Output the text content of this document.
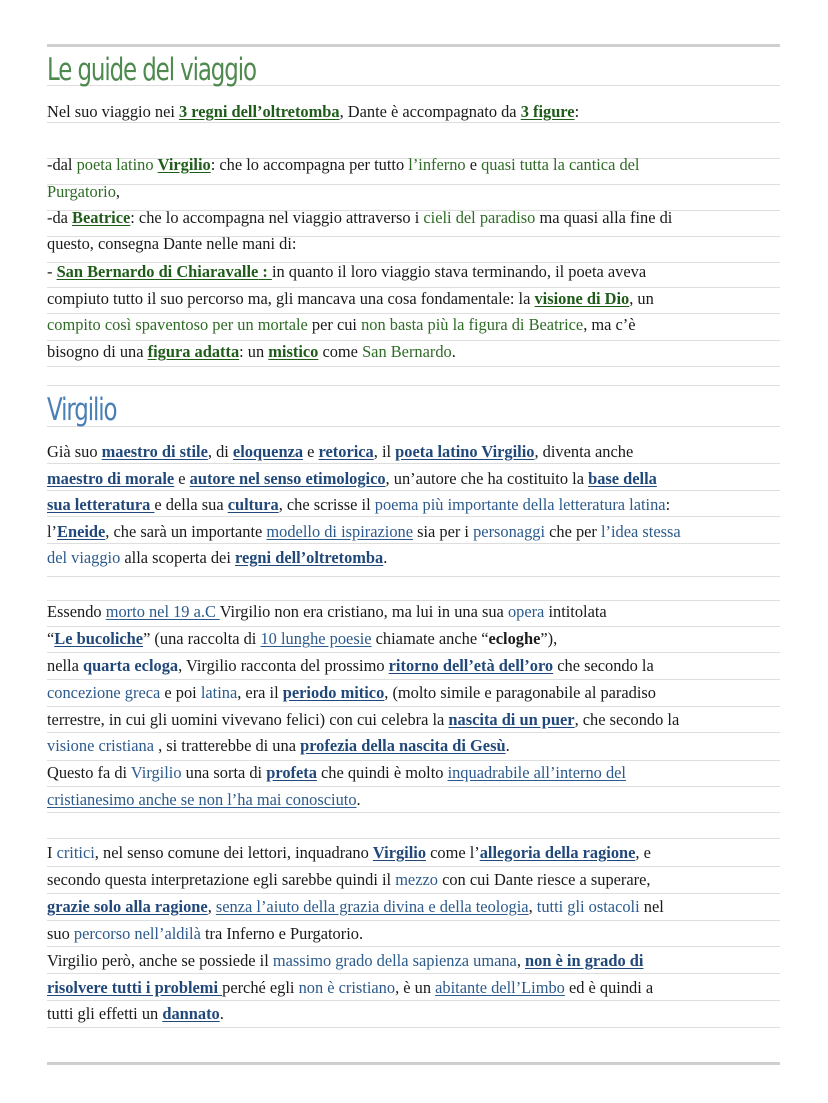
Le guide del viaggio

Nel suo viaggio nei 3 regni dell’oltretomba, Dante è accompagnato da 3 figure:

-dal poeta latino Virgilio: che lo accompagna per tutto l’inferno e quasi tutta la cantica del

Purgatorio,

-da Beatrice: che lo accompagna nel viaggio attraverso i cieli del paradiso ma quasi alla fine di

questo, consegna Dante nelle mani di:

- San Bernardo di Chiaravalle : in quanto il loro viaggio stava terminando, il poeta aveva

compiuto tutto il suo percorso ma, gli mancava una cosa fondamentale: la visione di Dio, un

compito così spaventoso per un mortale per cui non basta più la figura di Beatrice, ma c’è

bisogno di una figura adatta: un mistico come San Bernardo.

Virgilio

Già suo maestro di stile, di eloquenza e retorica, il poeta latino Virgilio, diventa anche

maestro di morale e autore nel senso etimologico, un’autore che ha costituito la base della

sua letteratura e della sua cultura, che scrisse il poema più importante della letteratura latina:

l’Eneide, che sarà un importante modello di ispirazione sia per i personaggi che per l’idea stessa

del viaggio alla scoperta dei regni dell’oltretomba.

Essendo morto nel 19 a.C Virgilio non era cristiano, ma lui in una sua opera intitolata

“Le bucoliche” (una raccolta di 10 lunghe poesie chiamate anche “ecloghe”),

nella quarta ecloga, Virgilio racconta del prossimo ritorno dell’età dell’oro che secondo la

concezione greca e poi latina, era il periodo mitico, (molto simile e paragonabile al paradiso

terrestre, in cui gli uomini vivevano felici) con cui celebra la nascita di un puer, che secondo la

visione cristiana , si tratterebbe di una profezia della nascita di Gesù.

Questo fa di Virgilio una sorta di profeta che quindi è molto inquadrabile all’interno del

cristianesimo anche se non l’ha mai conosciuto.

I critici, nel senso comune dei lettori, inquadrano Virgilio come l’allegoria della ragione, e

secondo questa interpretazione egli sarebbe quindi il mezzo con cui Dante riesce a superare,

grazie solo alla ragione, senza l’aiuto della grazia divina e della teologia, tutti gli ostacoli nel

suo percorso nell’aldilà tra Inferno e Purgatorio.

Virgilio però, anche se possiede il massimo grado della sapienza umana, non è in grado di

risolvere tutti i problemi perché egli non è cristiano, è un abitante dell’Limbo ed è quindi a

tutti gli effetti un dannato.
